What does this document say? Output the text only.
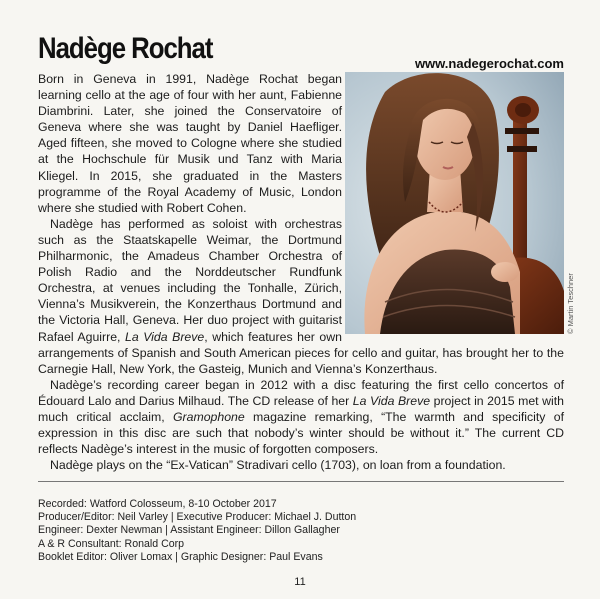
Nadège Rochat	www.nadegerochat.com
© Martin Teschner

Born in Geneva in 1991, Nadège Rochat began learning cello at the age of four with her aunt, Fabienne Diambrini. Later, she joined the Conservatoire of Geneva where she was taught by Daniel Haefliger. Aged fifteen, she moved to Cologne where she studied at the Hochschule für Musik und Tanz with Maria Kliegel. In 2015, she graduated in the Masters programme of the Royal Academy of Music, London where she studied with Robert Cohen.

Nadège has performed as soloist with orchestras such as the Staatskapelle Weimar, the Dortmund Philharmonic, the Amadeus Chamber Orchestra of Polish Radio and the Norddeutscher Rundfunk Orchestra, at venues including the Tonhalle, Zürich, Vienna’s Musikverein, the Konzerthaus Dortmund and the Victoria Hall, Geneva. Her duo project with guitarist Rafael Aguirre, La Vida Breve, which features her own arrangements of Spanish and South American pieces for cello and guitar, has brought her to the Carnegie Hall, New York, the Gasteig, Munich and Vienna’s Konzerthaus.

Nadège’s recording career began in 2012 with a disc featuring the first cello concertos of Édouard Lalo and Darius Milhaud. The CD release of her La Vida Breve project in 2015 met with much critical acclaim, Gramophone magazine remarking, “The warmth and specificity of expression in this disc are such that nobody’s winter should be without it.” The current CD reflects Nadège’s interest in the music of forgotten composers.

Nadège plays on the “Ex-Vatican” Stradivari cello (1703), on loan from a foundation.

Recorded: Watford Colosseum, 8-10 October 2017
Producer/Editor: Neil Varley | Executive Producer: Michael J. Dutton
Engineer: Dexter Newman | Assistant Engineer: Dillon Gallagher
A & R Consultant: Ronald Corp
Booklet Editor: Oliver Lomax | Graphic Designer: Paul Evans
11
